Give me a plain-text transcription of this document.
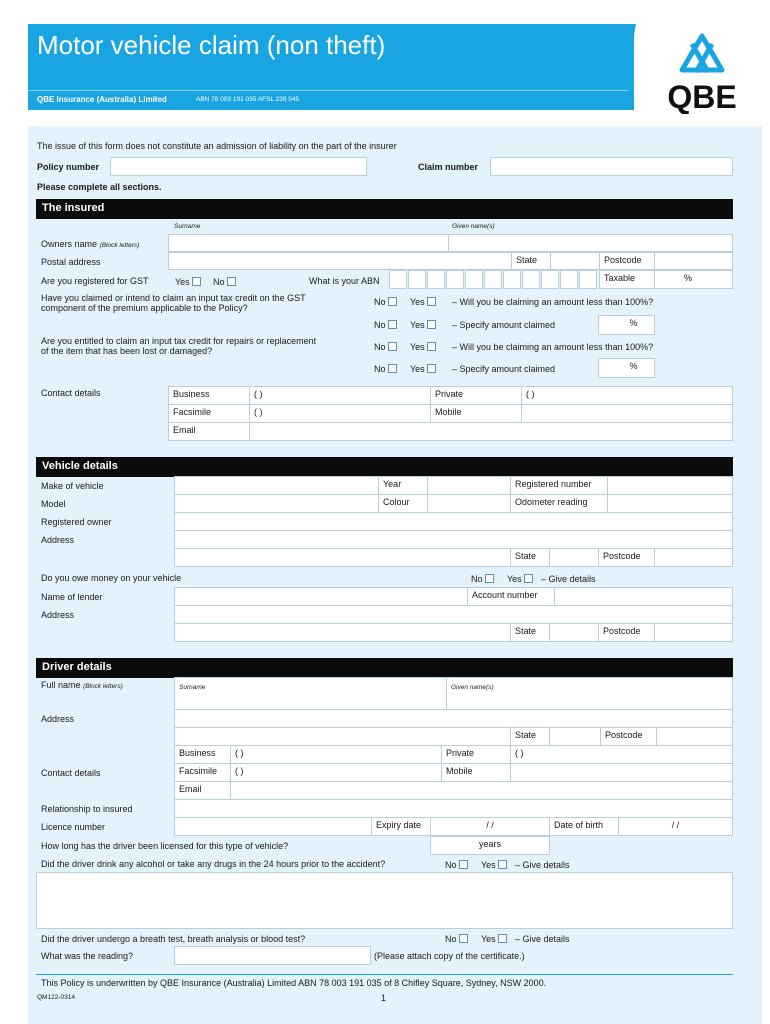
Motor vehicle claim (non theft)
QBE Insurance (Australia) Limited	ABN 78 003 191 035 AFSL 239 545	QBE
The issue of this form does not constitute an admission of liability on the part of the insurer
Policy number	Claim number
Please complete all sections.
The insured
Surname	Given name(s)
Owners name (Block letters)
Postal address	State	Postcode
Are you registered for GST	Yes	No	What is your ABN	Taxable	%
Have you claimed or intend to claim an input tax credit on the GST
component of the premium applicable to the Policy?
No	Yes	– Will you be claiming an amount less than 100%?
No	Yes	– Specify amount claimed	%
Are you entitled to claim an input tax credit for repairs or replacement
of the item that has been lost or damaged?	No	Yes	– Will you be claiming an amount less than 100%?
No	Yes	– Specify amount claimed	%
Contact details	Business	( )	Private	( )
Facsimile	( )	Mobile
Email
Vehicle details
Make of vehicle	Year	Registered number
Model	Colour	Odometer reading
Registered owner
Address
State	Postcode
Do you owe money on your vehicle	No	Yes	– Give details
Name of lender	Account number
Address
State	Postcode
Driver details
Full name (Block letters)	Surname	Given name(s)
Address
State	Postcode
Contact details
Business	( )	Private	( )
Facsimile	( )	Mobile
Email
Relationship to insured
Licence number	Expiry date	/ /	Date of birth	/ /
How long has the driver been licensed for this type of vehicle?	years
Did the driver drink any alcohol or take any drugs in the 24 hours prior to the accident?	No	Yes	– Give details
Did the driver undergo a breath test, breath analysis or blood test?	No	Yes	– Give details
What was the reading?	(Please attach copy of the certificate.)
This Policy is underwritten by QBE Insurance (Australia) Limited ABN 78 003 191 035 of 8 Chifley Square, Sydney, NSW 2000.
QM122-0314	1
